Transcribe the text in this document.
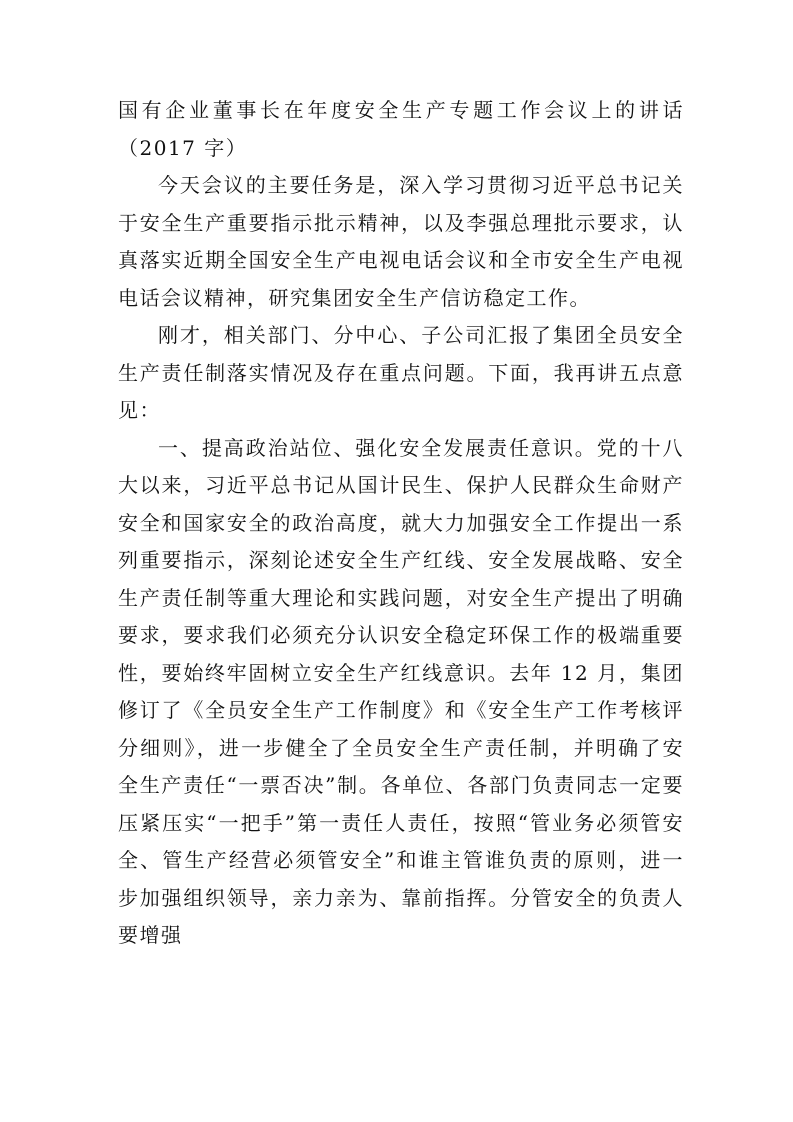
国有企业董事长在年度安全生产专题工作会议上的讲话（2017 字）

今天会议的主要任务是，深入学习贯彻习近平总书记关于安全生产重要指示批示精神，以及李强总理批示要求，认真落实近期全国安全生产电视电话会议和全市安全生产电视电话会议精神，研究集团安全生产信访稳定工作。

刚才，相关部门、分中心、子公司汇报了集团全员安全生产责任制落实情况及存在重点问题。下面，我再讲五点意见：

一、提高政治站位、强化安全发展责任意识。党的十八大以来，习近平总书记从国计民生、保护人民群众生命财产安全和国家安全的政治高度，就大力加强安全工作提出一系列重要指示，深刻论述安全生产红线、安全发展战略、安全生产责任制等重大理论和实践问题，对安全生产提出了明确要求，要求我们必须充分认识安全稳定环保工作的极端重要性，要始终牢固树立安全生产红线意识。去年 12 月，集团修订了《全员安全生产工作制度》和《安全生产工作考核评分细则》，进一步健全了全员安全生产责任制，并明确了安全生产责任“一票否决”制。各单位、各部门负责同志一定要压紧压实“一把手”第一责任人责任，按照“管业务必须管安全、管生产经营必须管安全”和谁主管谁负责的原则，进一步加强组织领导，亲力亲为、靠前指挥。分管安全的负责人要增强
